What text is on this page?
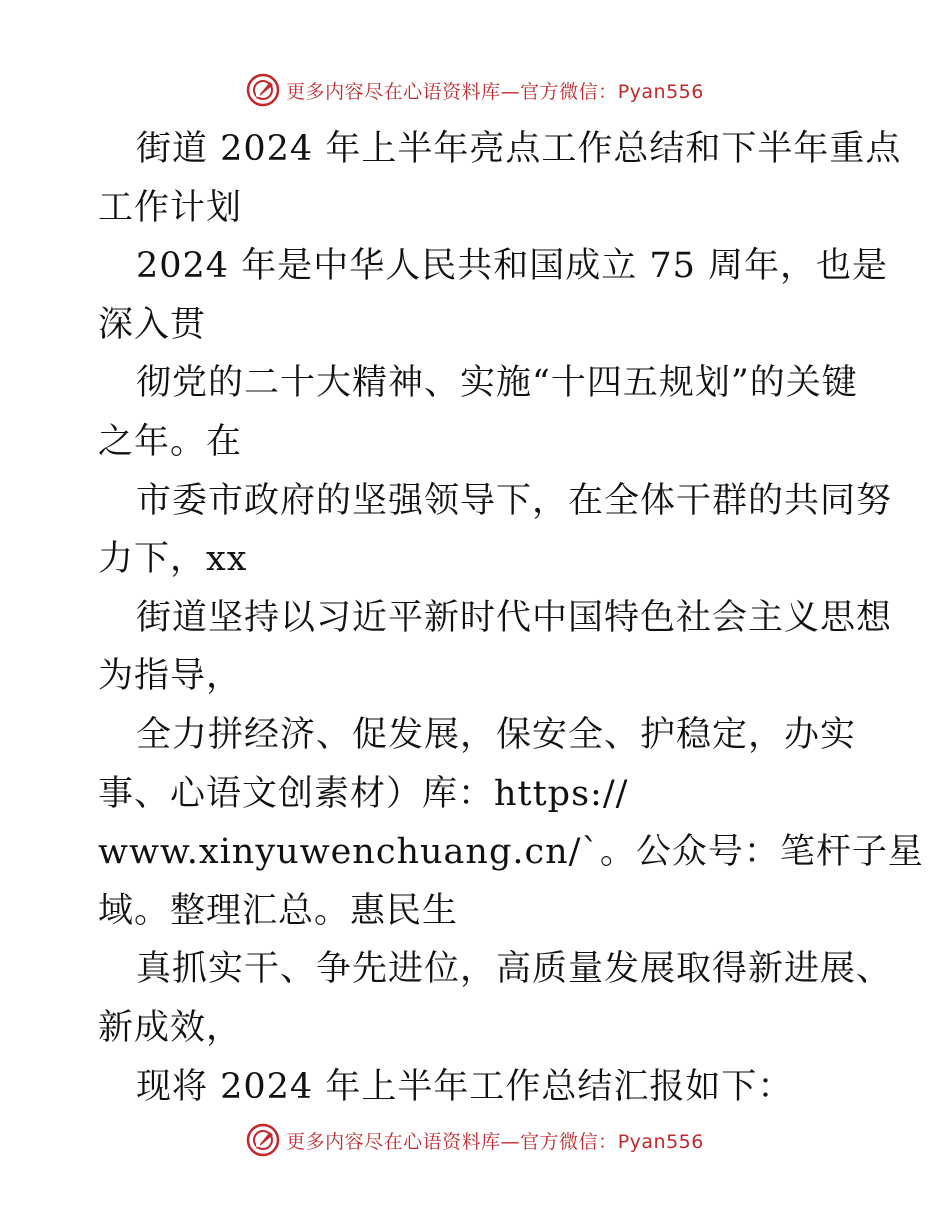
更多内容尽在心语资料库—官方微信：Pyan556
街道 2024 年上半年亮点工作总结和下半年重点
工作计划
2024 年是中华人民共和国成立 75 周年，也是
深入贯
彻党的二十大精神、实施“十四五规划”的关键
之年。在
市委市政府的坚强领导下，在全体干群的共同努
力下，xx
街道坚持以习近平新时代中国特色社会主义思想
为指导，
全力拼经济、促发展，保安全、护稳定，办实
事、心语文创素材）库：https://
www.xinyuwenchuang.cn/`。公众号：笔杆子星
域。整理汇总。惠民生
真抓实干、争先进位，高质量发展取得新进展、
新成效，
现将 2024 年上半年工作总结汇报如下：
更多内容尽在心语资料库—官方微信：Pyan556
